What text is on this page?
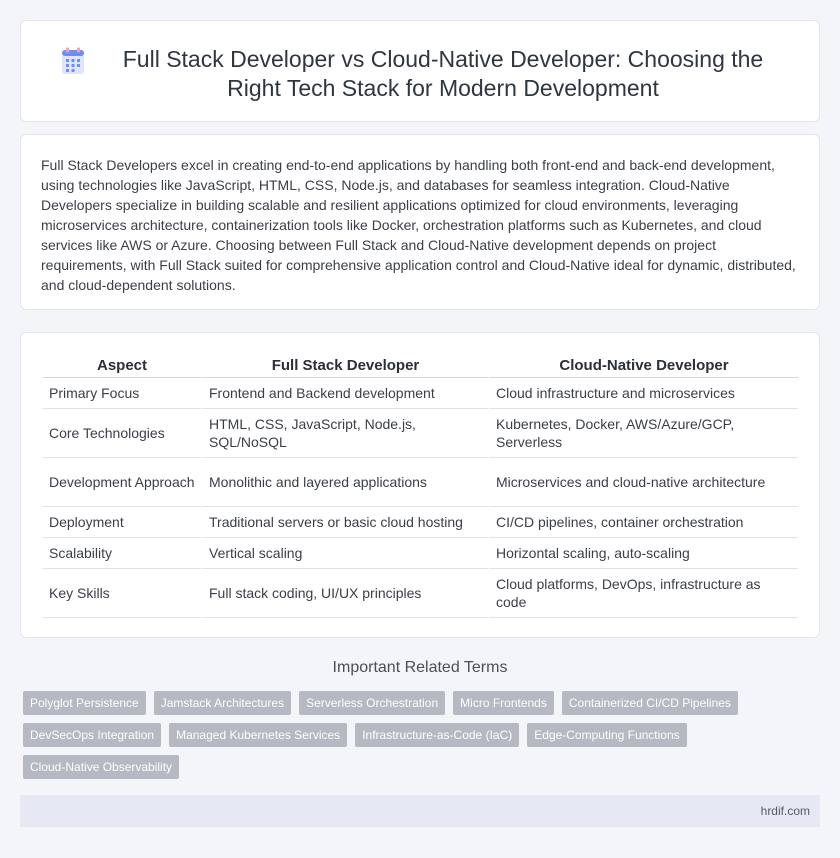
Full Stack Developer vs Cloud-Native Developer: Choosing the Right Tech Stack for Modern Development

Full Stack Developers excel in creating end-to-end applications by handling both front-end and back-end development, using technologies like JavaScript, HTML, CSS, Node.js, and databases for seamless integration. Cloud-Native Developers specialize in building scalable and resilient applications optimized for cloud environments, leveraging microservices architecture, containerization tools like Docker, orchestration platforms such as Kubernetes, and cloud services like AWS or Azure. Choosing between Full Stack and Cloud-Native development depends on project requirements, with Full Stack suited for comprehensive application control and Cloud-Native ideal for dynamic, distributed, and cloud-dependent solutions.

Aspect	Full Stack Developer	Cloud-Native Developer
Primary Focus	Frontend and Backend development	Cloud infrastructure and microservices
Core Technologies	HTML, CSS, JavaScript, Node.js, SQL/NoSQL	Kubernetes, Docker, AWS/Azure/GCP, Serverless
Development Approach	Monolithic and layered applications	Microservices and cloud-native architecture
Deployment	Traditional servers or basic cloud hosting	CI/CD pipelines, container orchestration
Scalability	Vertical scaling	Horizontal scaling, auto-scaling
Key Skills	Full stack coding, UI/UX principles	Cloud platforms, DevOps, infrastructure as code
Important Related Terms
Polyglot Persistence	Jamstack Architectures	Serverless Orchestration	Micro Frontends	Containerized CI/CD Pipelines
DevSecOps Integration	Managed Kubernetes Services	Infrastructure-as-Code (IaC)	Edge-Computing Functions
Cloud-Native Observability
hrdif.com
